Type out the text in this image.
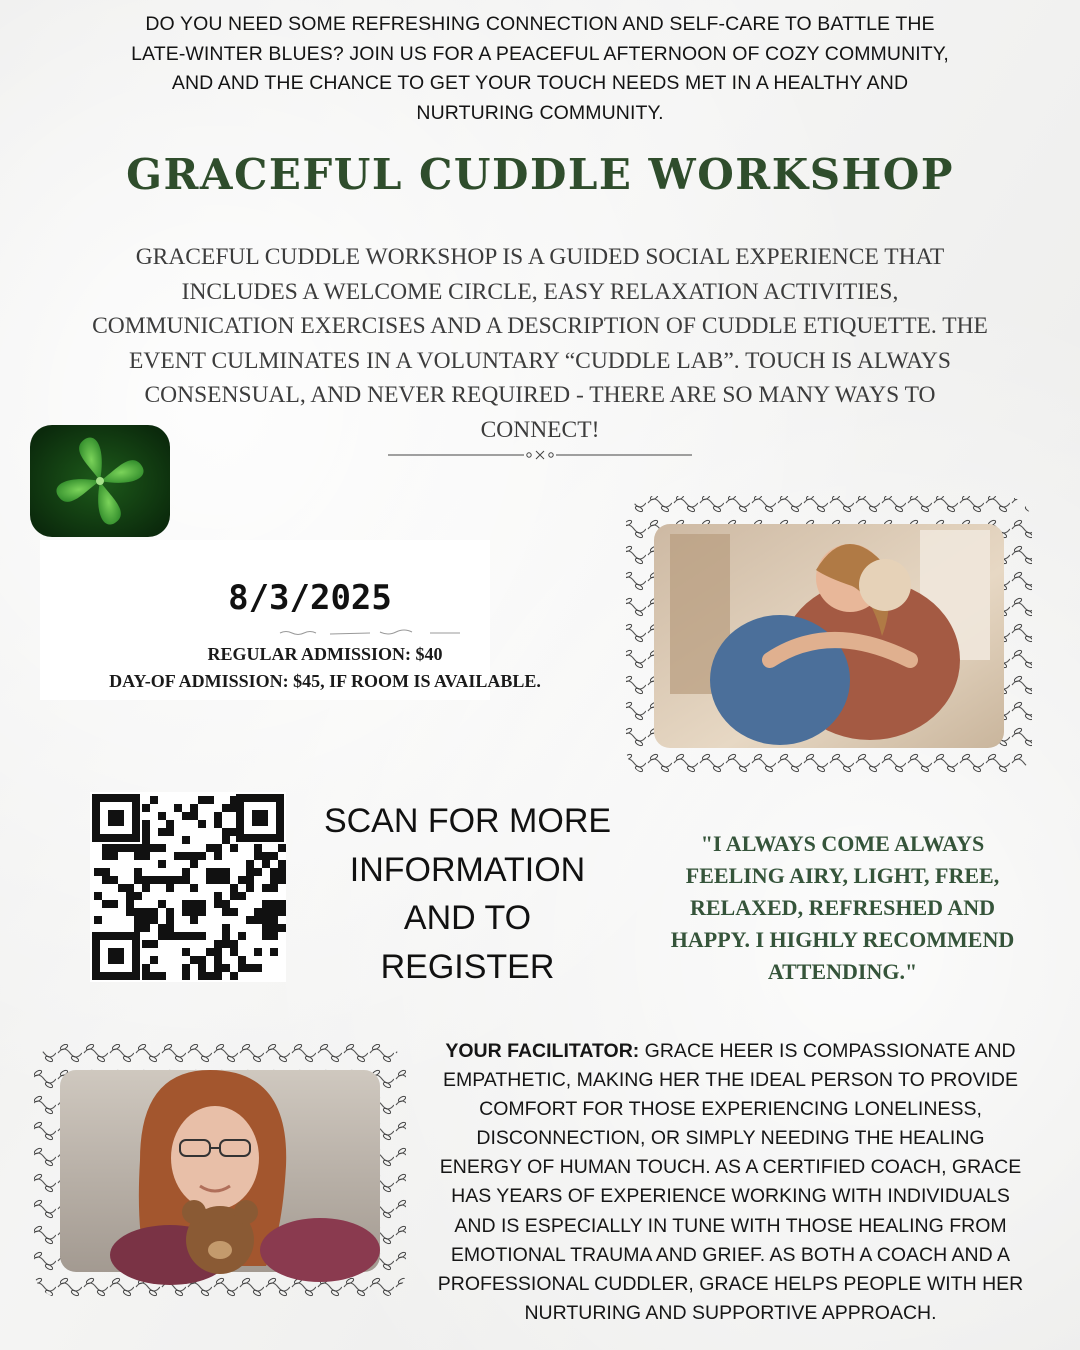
DO YOU NEED SOME REFRESHING CONNECTION AND SELF-CARE TO BATTLE THE
LATE-WINTER BLUES? JOIN US FOR A PEACEFUL AFTERNOON OF COZY COMMUNITY,
AND AND THE CHANCE TO GET YOUR TOUCH NEEDS MET IN A HEALTHY AND
NURTURING COMMUNITY.
GRACEFUL CUDDLE WORKSHOP
GRACEFUL CUDDLE WORKSHOP IS A GUIDED SOCIAL EXPERIENCE THAT
INCLUDES A WELCOME CIRCLE, EASY RELAXATION ACTIVITIES,
COMMUNICATION EXERCISES AND A DESCRIPTION OF CUDDLE ETIQUETTE. THE
EVENT CULMINATES IN A VOLUNTARY “CUDDLE LAB”. TOUCH IS ALWAYS
CONSENSUAL, AND NEVER REQUIRED - THERE ARE SO MANY WAYS TO
CONNECT!
8/3/2025
REGULAR ADMISSION: $40
DAY-OF ADMISSION: $45, IF ROOM IS AVAILABLE.
SCAN FOR MORE
INFORMATION
AND TO
REGISTER
"I ALWAYS COME ALWAYS
FEELING AIRY, LIGHT, FREE,
RELAXED, REFRESHED AND
HAPPY. I HIGHLY RECOMMEND
ATTENDING."
YOUR FACILITATOR: GRACE HEER IS COMPASSIONATE AND
EMPATHETIC, MAKING HER THE IDEAL PERSON TO PROVIDE
COMFORT FOR THOSE EXPERIENCING LONELINESS,
DISCONNECTION, OR SIMPLY NEEDING THE HEALING
ENERGY OF HUMAN TOUCH. AS A CERTIFIED COACH, GRACE
HAS YEARS OF EXPERIENCE WORKING WITH INDIVIDUALS
AND IS ESPECIALLY IN TUNE WITH THOSE HEALING FROM
EMOTIONAL TRAUMA AND GRIEF. AS BOTH A COACH AND A
PROFESSIONAL CUDDLER, GRACE HELPS PEOPLE WITH HER
NURTURING AND SUPPORTIVE APPROACH.
